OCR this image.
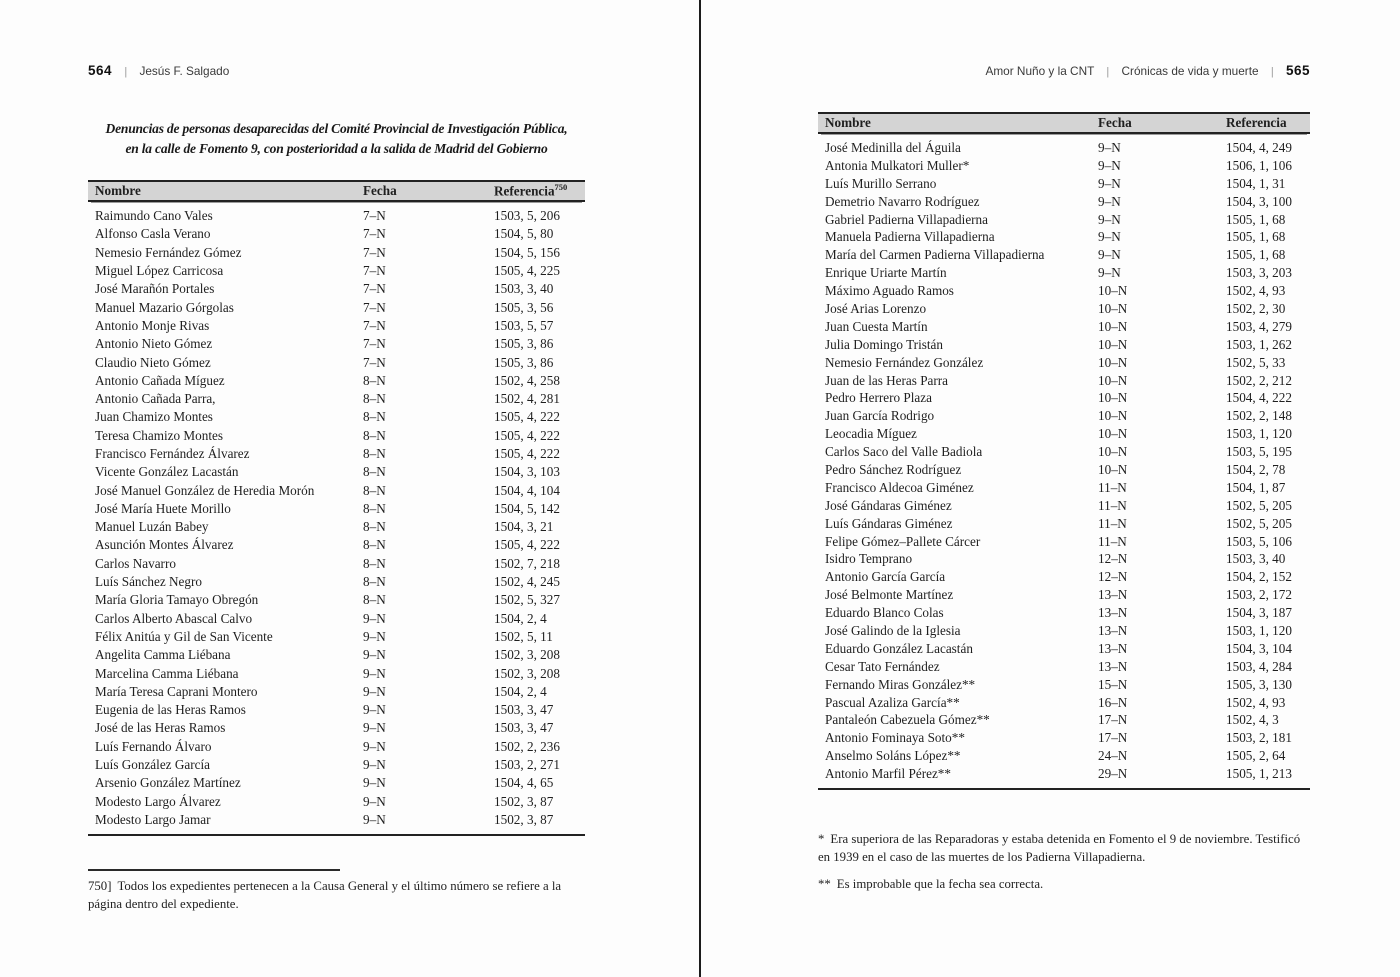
564 | Jesús F. Salgado
Denuncias de personas desaparecidas del Comité Provincial de Investigación Pública,
en la calle de Fomento 9, con posterioridad a la salida de Madrid del Gobierno
Nombre	Fecha	Referencia$^{750}$
Raimundo Cano Vales	7–N	1503, 5, 206
Alfonso Casla Verano	7–N	1504, 5, 80
Nemesio Fernández Gómez	7–N	1504, 5, 156
Miguel López Carricosa	7–N	1505, 4, 225
José Marañón Portales	7–N	1503, 3, 40
Manuel Mazario Górgolas	7–N	1505, 3, 56
Antonio Monje Rivas	7–N	1503, 5, 57
Antonio Nieto Gómez	7–N	1505, 3, 86
Claudio Nieto Gómez	7–N	1505, 3, 86
Antonio Cañada Míguez	8–N	1502, 4, 258
Antonio Cañada Parra,	8–N	1502, 4, 281
Juan Chamizo Montes	8–N	1505, 4, 222
Teresa Chamizo Montes	8–N	1505, 4, 222
Francisco Fernández Álvarez	8–N	1505, 4, 222
Vicente González Lacastán	8–N	1504, 3, 103
José Manuel González de Heredia Morón	8–N	1504, 4, 104
José María Huete Morillo	8–N	1504, 5, 142
Manuel Luzán Babey	8–N	1504, 3, 21
Asunción Montes Álvarez	8–N	1505, 4, 222
Carlos Navarro	8–N	1502, 7, 218
Luís Sánchez Negro	8–N	1502, 4, 245
María Gloria Tamayo Obregón	8–N	1502, 5, 327
Carlos Alberto Abascal Calvo	9–N	1504, 2, 4
Félix Anitúa y Gil de San Vicente	9–N	1502, 5, 11
Angelita Camma Liébana	9–N	1502, 3, 208
Marcelina Camma Liébana	9–N	1502, 3, 208
María Teresa Caprani Montero	9–N	1504, 2, 4
Eugenia de las Heras Ramos	9–N	1503, 3, 47
José de las Heras Ramos	9–N	1503, 3, 47
Luís Fernando Álvaro	9–N	1502, 2, 236
Luís González García	9–N	1503, 2, 271
Arsenio González Martínez	9–N	1504, 4, 65
Modesto Largo Álvarez	9–N	1502, 3, 87
Modesto Largo Jamar	9–N	1502, 3, 87
750] Todos los expedientes pertenecen a la Causa General y el último número se refiere a la página dentro del expediente.
Amor Nuño y la CNT | Crónicas de vida y muerte | 565
Nombre	Fecha	Referencia
José Medinilla del Águila	9–N	1504, 4, 249
Antonia Mulkatori Muller*	9–N	1506, 1, 106
Luís Murillo Serrano	9–N	1504, 1, 31
Demetrio Navarro Rodríguez	9–N	1504, 3, 100
Gabriel Padierna Villapadierna	9–N	1505, 1, 68
Manuela Padierna Villapadierna	9–N	1505, 1, 68
María del Carmen Padierna Villapadierna	9–N	1505, 1, 68
Enrique Uriarte Martín	9–N	1503, 3, 203
Máximo Aguado Ramos	10–N	1502, 4, 93
José Arias Lorenzo	10–N	1502, 2, 30
Juan Cuesta Martín	10–N	1503, 4, 279
Julia Domingo Tristán	10–N	1503, 1, 262
Nemesio Fernández González	10–N	1502, 5, 33
Juan de las Heras Parra	10–N	1502, 2, 212
Pedro Herrero Plaza	10–N	1504, 4, 222
Juan García Rodrigo	10–N	1502, 2, 148
Leocadia Míguez	10–N	1503, 1, 120
Carlos Saco del Valle Badiola	10–N	1503, 5, 195
Pedro Sánchez Rodríguez	10–N	1504, 2, 78
Francisco Aldecoa Giménez	11–N	1504, 1, 87
José Gándaras Giménez	11–N	1502, 5, 205
Luís Gándaras Giménez	11–N	1502, 5, 205
Felipe Gómez–Pallete Cárcer	11–N	1503, 5, 106
Isidro Temprano	12–N	1503, 3, 40
Antonio García García	12–N	1504, 2, 152
José Belmonte Martínez	13–N	1503, 2, 172
Eduardo Blanco Colas	13–N	1504, 3, 187
José Galindo de la Iglesia	13–N	1503, 1, 120
Eduardo González Lacastán	13–N	1504, 3, 104
Cesar Tato Fernández	13–N	1503, 4, 284
Fernando Miras González**	15–N	1505, 3, 130
Pascual Azaliza García**	16–N	1502, 4, 93
Pantaleón Cabezuela Gómez**	17–N	1502, 4, 3
Antonio Fominaya Soto**	17–N	1503, 2, 181
Anselmo Soláns López**	24–N	1505, 2, 64
Antonio Marfil Pérez**	29–N	1505, 1, 213
* Era superiora de las Reparadoras y estaba detenida en Fomento el 9 de noviembre. Testificó en 1939 en el caso de las muertes de los Padierna Villapadierna.
** Es improbable que la fecha sea correcta.
